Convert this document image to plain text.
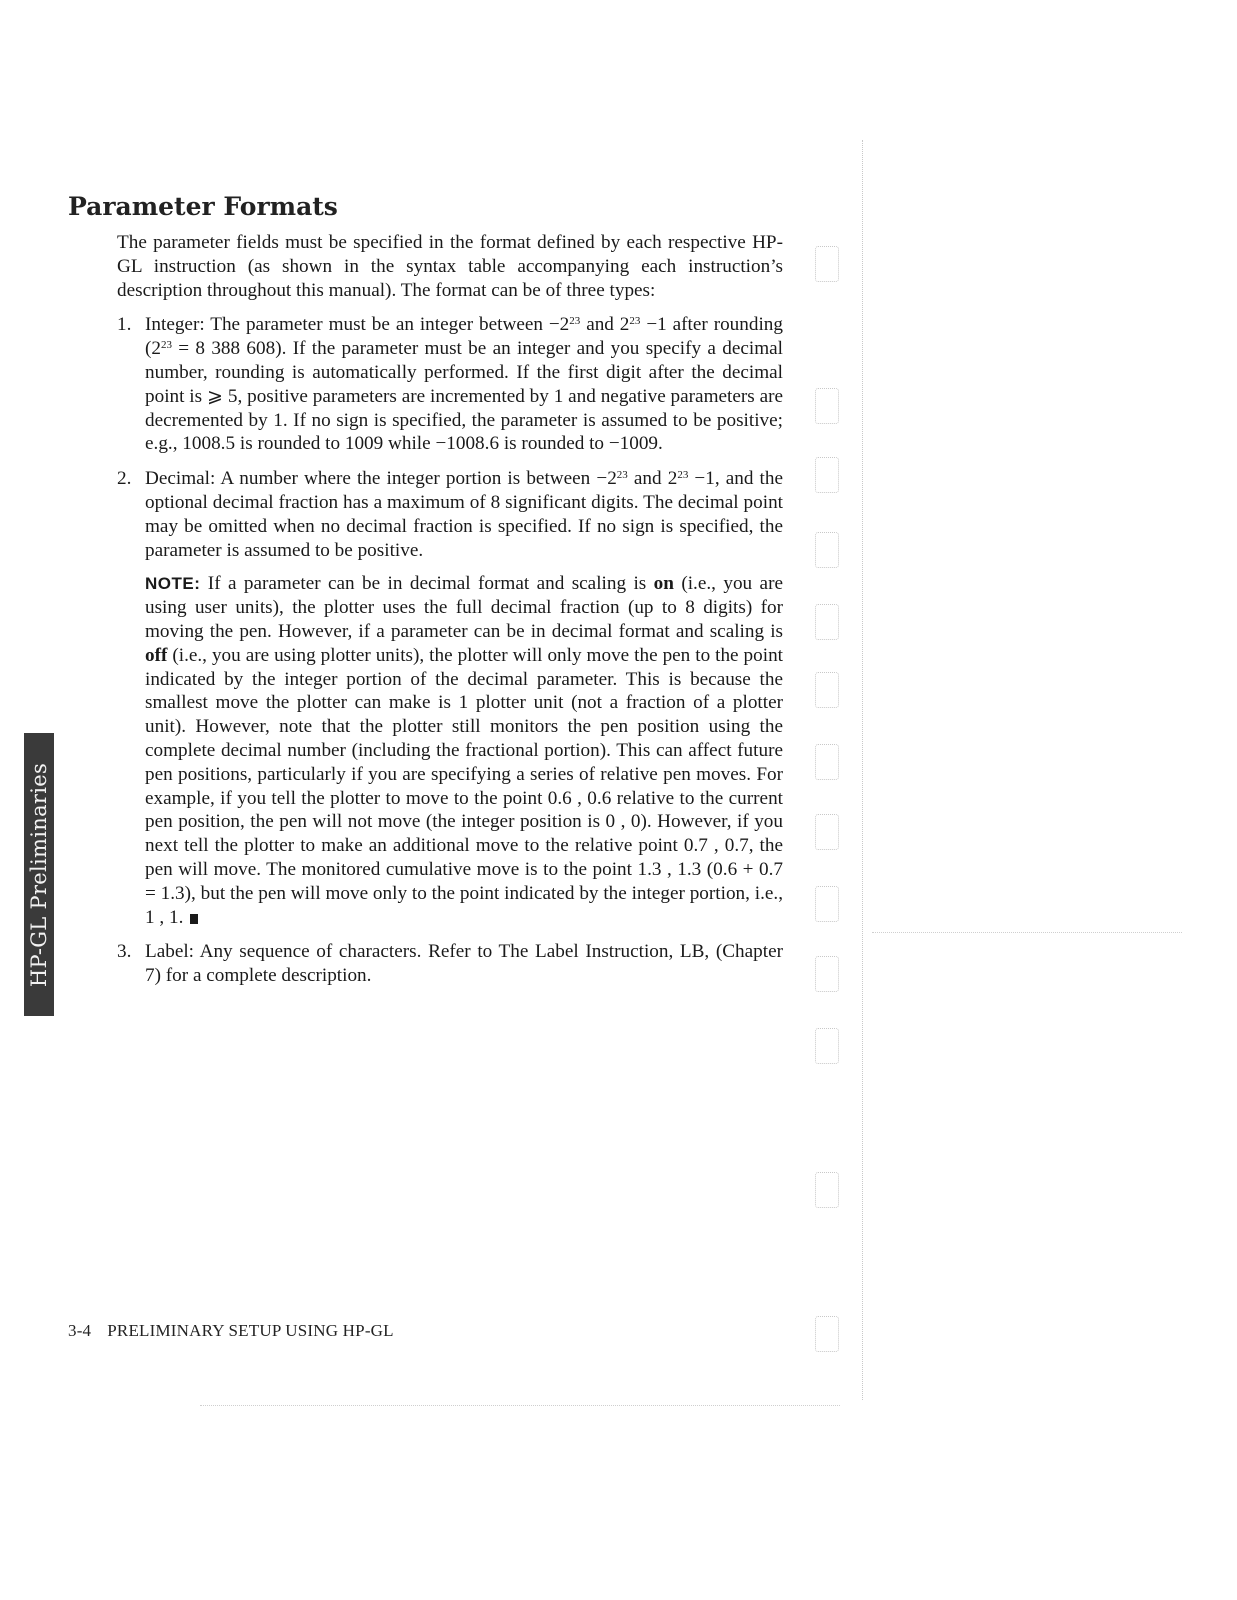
Parameter Formats

The parameter fields must be specified in the format defined by each respective HP-GL instruction (as shown in the syntax table accompanying each instruction’s description throughout this manual). The format can be of three types:

1. Integer: The parameter must be an integer between $-2^{23}$ and $2^{23} -1$ after rounding ($2^{23} = 8$ 388 608). If the parameter must be an integer and you specify a decimal number, rounding is automatically performed. If the first digit after the decimal point is ⩾ 5, positive parameters are incremented by 1 and negative parameters are decremented by 1. If no sign is specified, the parameter is assumed to be positive; e.g., 1008.5 is rounded to 1009 while −1008.6 is rounded to −1009.
2. Decimal: A number where the integer portion is between $-2^{23}$ and $2^{23} -1$, and the optional decimal fraction has a maximum of 8 significant digits. The decimal point may be omitted when no decimal fraction is specified. If no sign is specified, the parameter is assumed to be positive.
NOTE: If a parameter can be in decimal format and scaling is on (i.e., you are using user units), the plotter uses the full decimal fraction (up to 8 digits) for moving the pen. However, if a parameter can be in decimal format and scaling is off (i.e., you are using plotter units), the plotter will only move the pen to the point indicated by the integer portion of the decimal parameter. This is because the smallest move the plotter can make is 1 plotter unit (not a fraction of a plotter unit). However, note that the plotter still monitors the pen position using the complete decimal number (including the fractional portion). This can affect future pen positions, particularly if you are specifying a series of relative pen moves. For example, if you tell the plotter to move to the point 0.6 , 0.6 relative to the current pen position, the pen will not move (the integer position is 0 , 0). However, if you next tell the plotter to make an additional move to the relative point 0.7 , 0.7, the pen will move. The monitored cumulative move is to the point 1.3 , 1.3 (0.6 + 0.7 = 1.3), but the pen will move only to the point indicated by the integer portion, i.e., 1 , 1.
3. Label: Any sequence of characters. Refer to The Label Instruction, LB, (Chapter 7) for a complete description.
HP-GL Preliminaries
3-4 PRELIMINARY SETUP USING HP-GL
